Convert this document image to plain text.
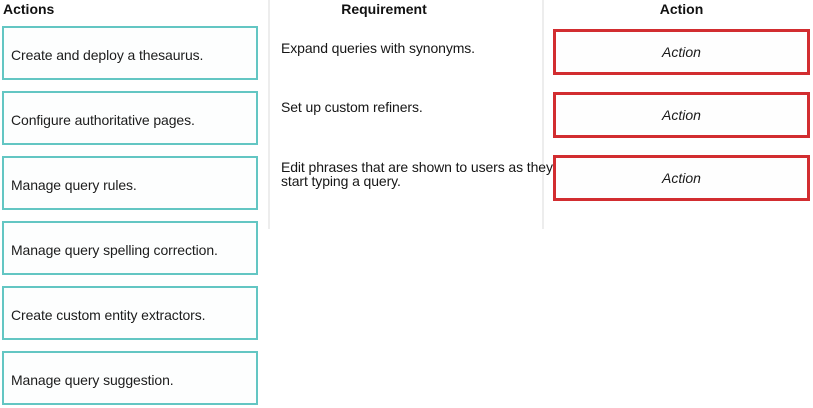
Actions	Requirement	Action
Create and deploy a thesaurus.
Configure authoritative pages.
Manage query rules.
Manage query spelling correction.
Create custom entity extractors.
Manage query suggestion.
Expand queries with synonyms.
Set up custom refiners.
Edit phrases that are shown to users as they start typing a query.
Action
Action
Action
